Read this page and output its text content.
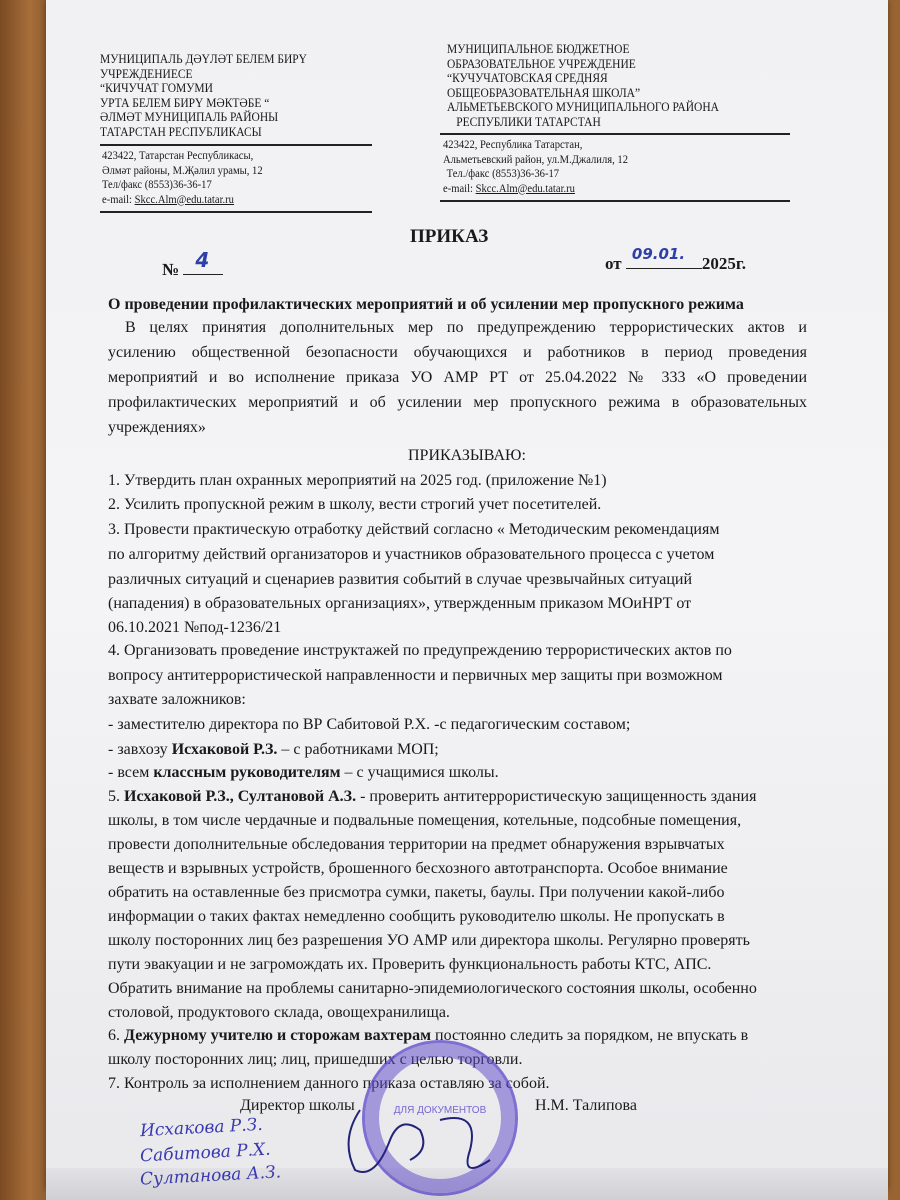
МУНИЦИПАЛЬ ДӘҮЛӘТ БЕЛЕМ БИРҮ
УЧРЕЖДЕНИЕСЕ
“КИЧУЧАТ ГОМУМИ
УРТА БЕЛЕМ БИРҮ МӘКТӘБЕ “
ӘЛМӘТ МУНИЦИПАЛЬ РАЙОНЫ
ТАТАРСТАН РЕСПУБЛИКАСЫ
423422, Татарстан Республикасы,
Әлмәт районы, М.Җәлил урамы, 12
Тел/факс (8553)36-36-17
e-mail: Skcc.Alm@edu.tatar.ru
МУНИЦИПАЛЬНОЕ БЮДЖЕТНОЕ
ОБРАЗОВАТЕЛЬНОЕ УЧРЕЖДЕНИЕ
“КУЧУЧАТОВСКАЯ СРЕДНЯЯ
ОБЩЕОБРАЗОВАТЕЛЬНАЯ ШКОЛА”
АЛЬМЕТЬЕВСКОГО МУНИЦИПАЛЬНОГО РАЙОНА
РЕСПУБЛИКИ ТАТАРСТАН
423422, Республика Татарстан,
Альметьевский район, ул.М.Джалиля, 12
Тел./факс (8553)36-36-17
e-mail: Skcc.Alm@edu.tatar.ru
ПРИКАЗ
№ 4	от 09.01. 2025г.
О проведении профилактических мероприятий и об усилении мер пропускного режима
В целях принятия дополнительных мер по предупреждению террористических актов и
усилению общественной безопасности обучающихся и работников в период проведения
мероприятий и во исполнение приказа УО АМР РТ от 25.04.2022 № 333 «О проведении
профилактических мероприятий и об усилении мер пропускного режима в образовательных
учреждениях»
ПРИКАЗЫВАЮ:
1. Утвердить план охранных мероприятий на 2025 год. (приложение №1)
2. Усилить пропускной режим в школу, вести строгий учет посетителей.
3. Провести практическую отработку действий согласно « Методическим рекомендациям
по алгоритму действий организаторов и участников образовательного процесса с учетом
различных ситуаций и сценариев развития событий в случае чрезвычайных ситуаций
(нападения) в образовательных организациях», утвержденным приказом МОиНРТ от
06.10.2021 №под-1236/21
4. Организовать проведение инструктажей по предупреждению террористических актов по
вопросу антитеррористической направленности и первичных мер защиты при возможном
захвате заложников:
- заместителю директора по ВР Сабитовой Р.Х. -с педагогическим составом;
- завхозу Исхаковой Р.З. – с работниками МОП;
- всем классным руководителям – с учащимися школы.
5. Исхаковой Р.З., Султановой А.З. - проверить антитеррористическую защищенность здания
школы, в том числе чердачные и подвальные помещения, котельные, подсобные помещения,
провести дополнительные обследования территории на предмет обнаружения взрывчатых
веществ и взрывных устройств, брошенного бесхозного автотранспорта. Особое внимание
обратить на оставленные без присмотра сумки, пакеты, баулы. При получении какой-либо
информации о таких фактах немедленно сообщить руководителю школы. Не пропускать в
школу посторонних лиц без разрешения УО АМР или директора школы. Регулярно проверять
пути эвакуации и не загромождать их. Проверить функциональность работы КТС, АПС.
Обратить внимание на проблемы санитарно-эпидемиологического состояния школы, особенно
столовой, продуктового склада, овощехранилища.
6. Дежурному учителю и сторожам вахтерам постоянно следить за порядком, не впускать в
школу посторонних лиц; лиц, пришедших с целью торговли.
7. Контроль за исполнением данного приказа оставляю за собой.
ДЛЯ ДОКУМЕНТОВ
Директор школы	Н.М. Талипова
Исхакова Р.З.
Сабитова Р.Х.
Султанова А.З.
